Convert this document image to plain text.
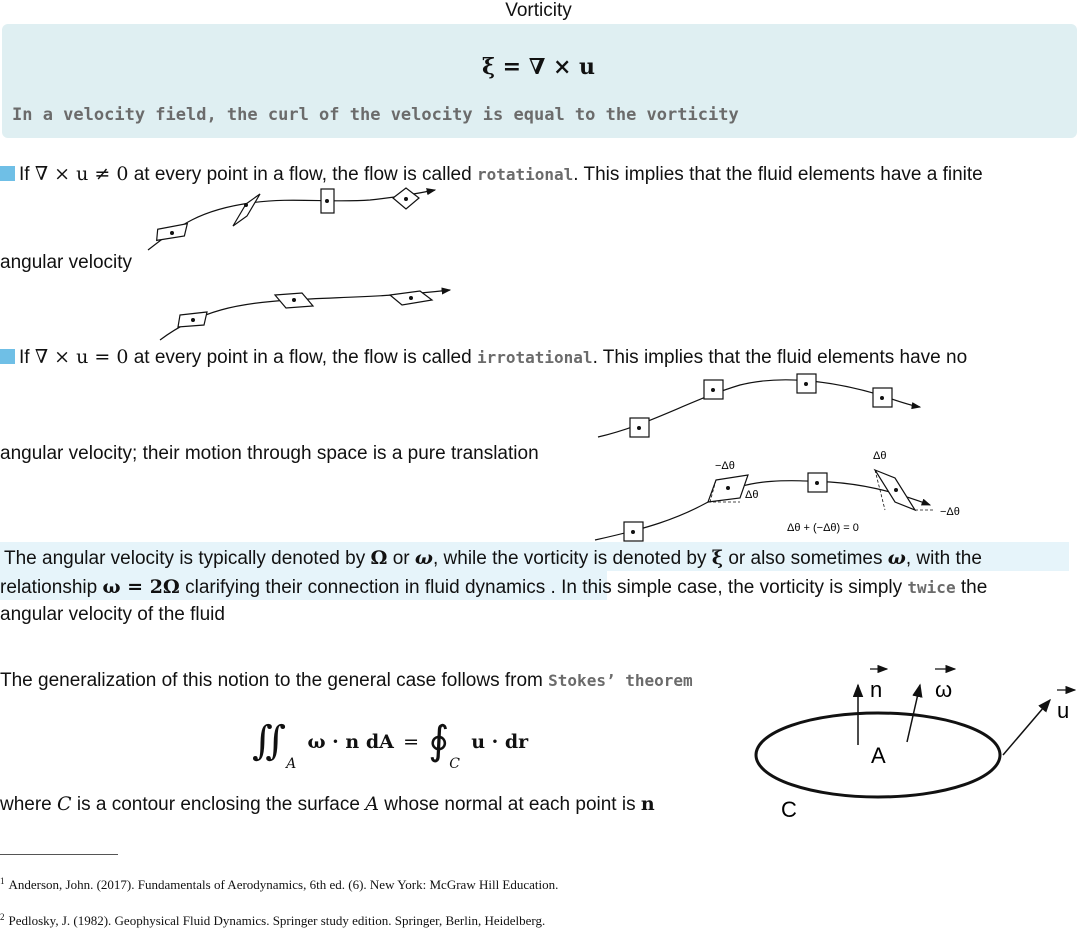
Vorticity
ξ = ∇ × u
In a velocity field, the curl of the velocity is equal to the vorticity
If ∇ × u ≠ 0 at every point in a flow, the flow is called rotational. This implies that the fluid elements have a finite
angular velocity
If ∇ × u = 0 at every point in a flow, the flow is called irrotational. This implies that the fluid elements have no
angular velocity; their motion through space is a pure translation
−Δθ
Δθ
Δθ
−Δθ
Δθ + (−Δθ) = 0
The angular velocity is typically denoted by Ω or ω, while the vorticity is denoted by ξ or also sometimes ω, with the
relationship ω = 2Ω clarifying their connection in fluid dynamics . In this simple case, the vorticity is simply twice the
angular velocity of the fluid
The generalization of this notion to the general case follows from Stokes’ theorem
$∬_A$ ω · n dA = $∮_C$ u · dr
where C is a contour enclosing the surface A whose normal at each point is n
n ω
u
A
C
$^1$ Anderson, John. (2017). Fundamentals of Aerodynamics, 6th ed. (6). New York: McGraw Hill Education.
$^2$ Pedlosky, J. (1982). Geophysical Fluid Dynamics. Springer study edition. Springer, Berlin, Heidelberg.
